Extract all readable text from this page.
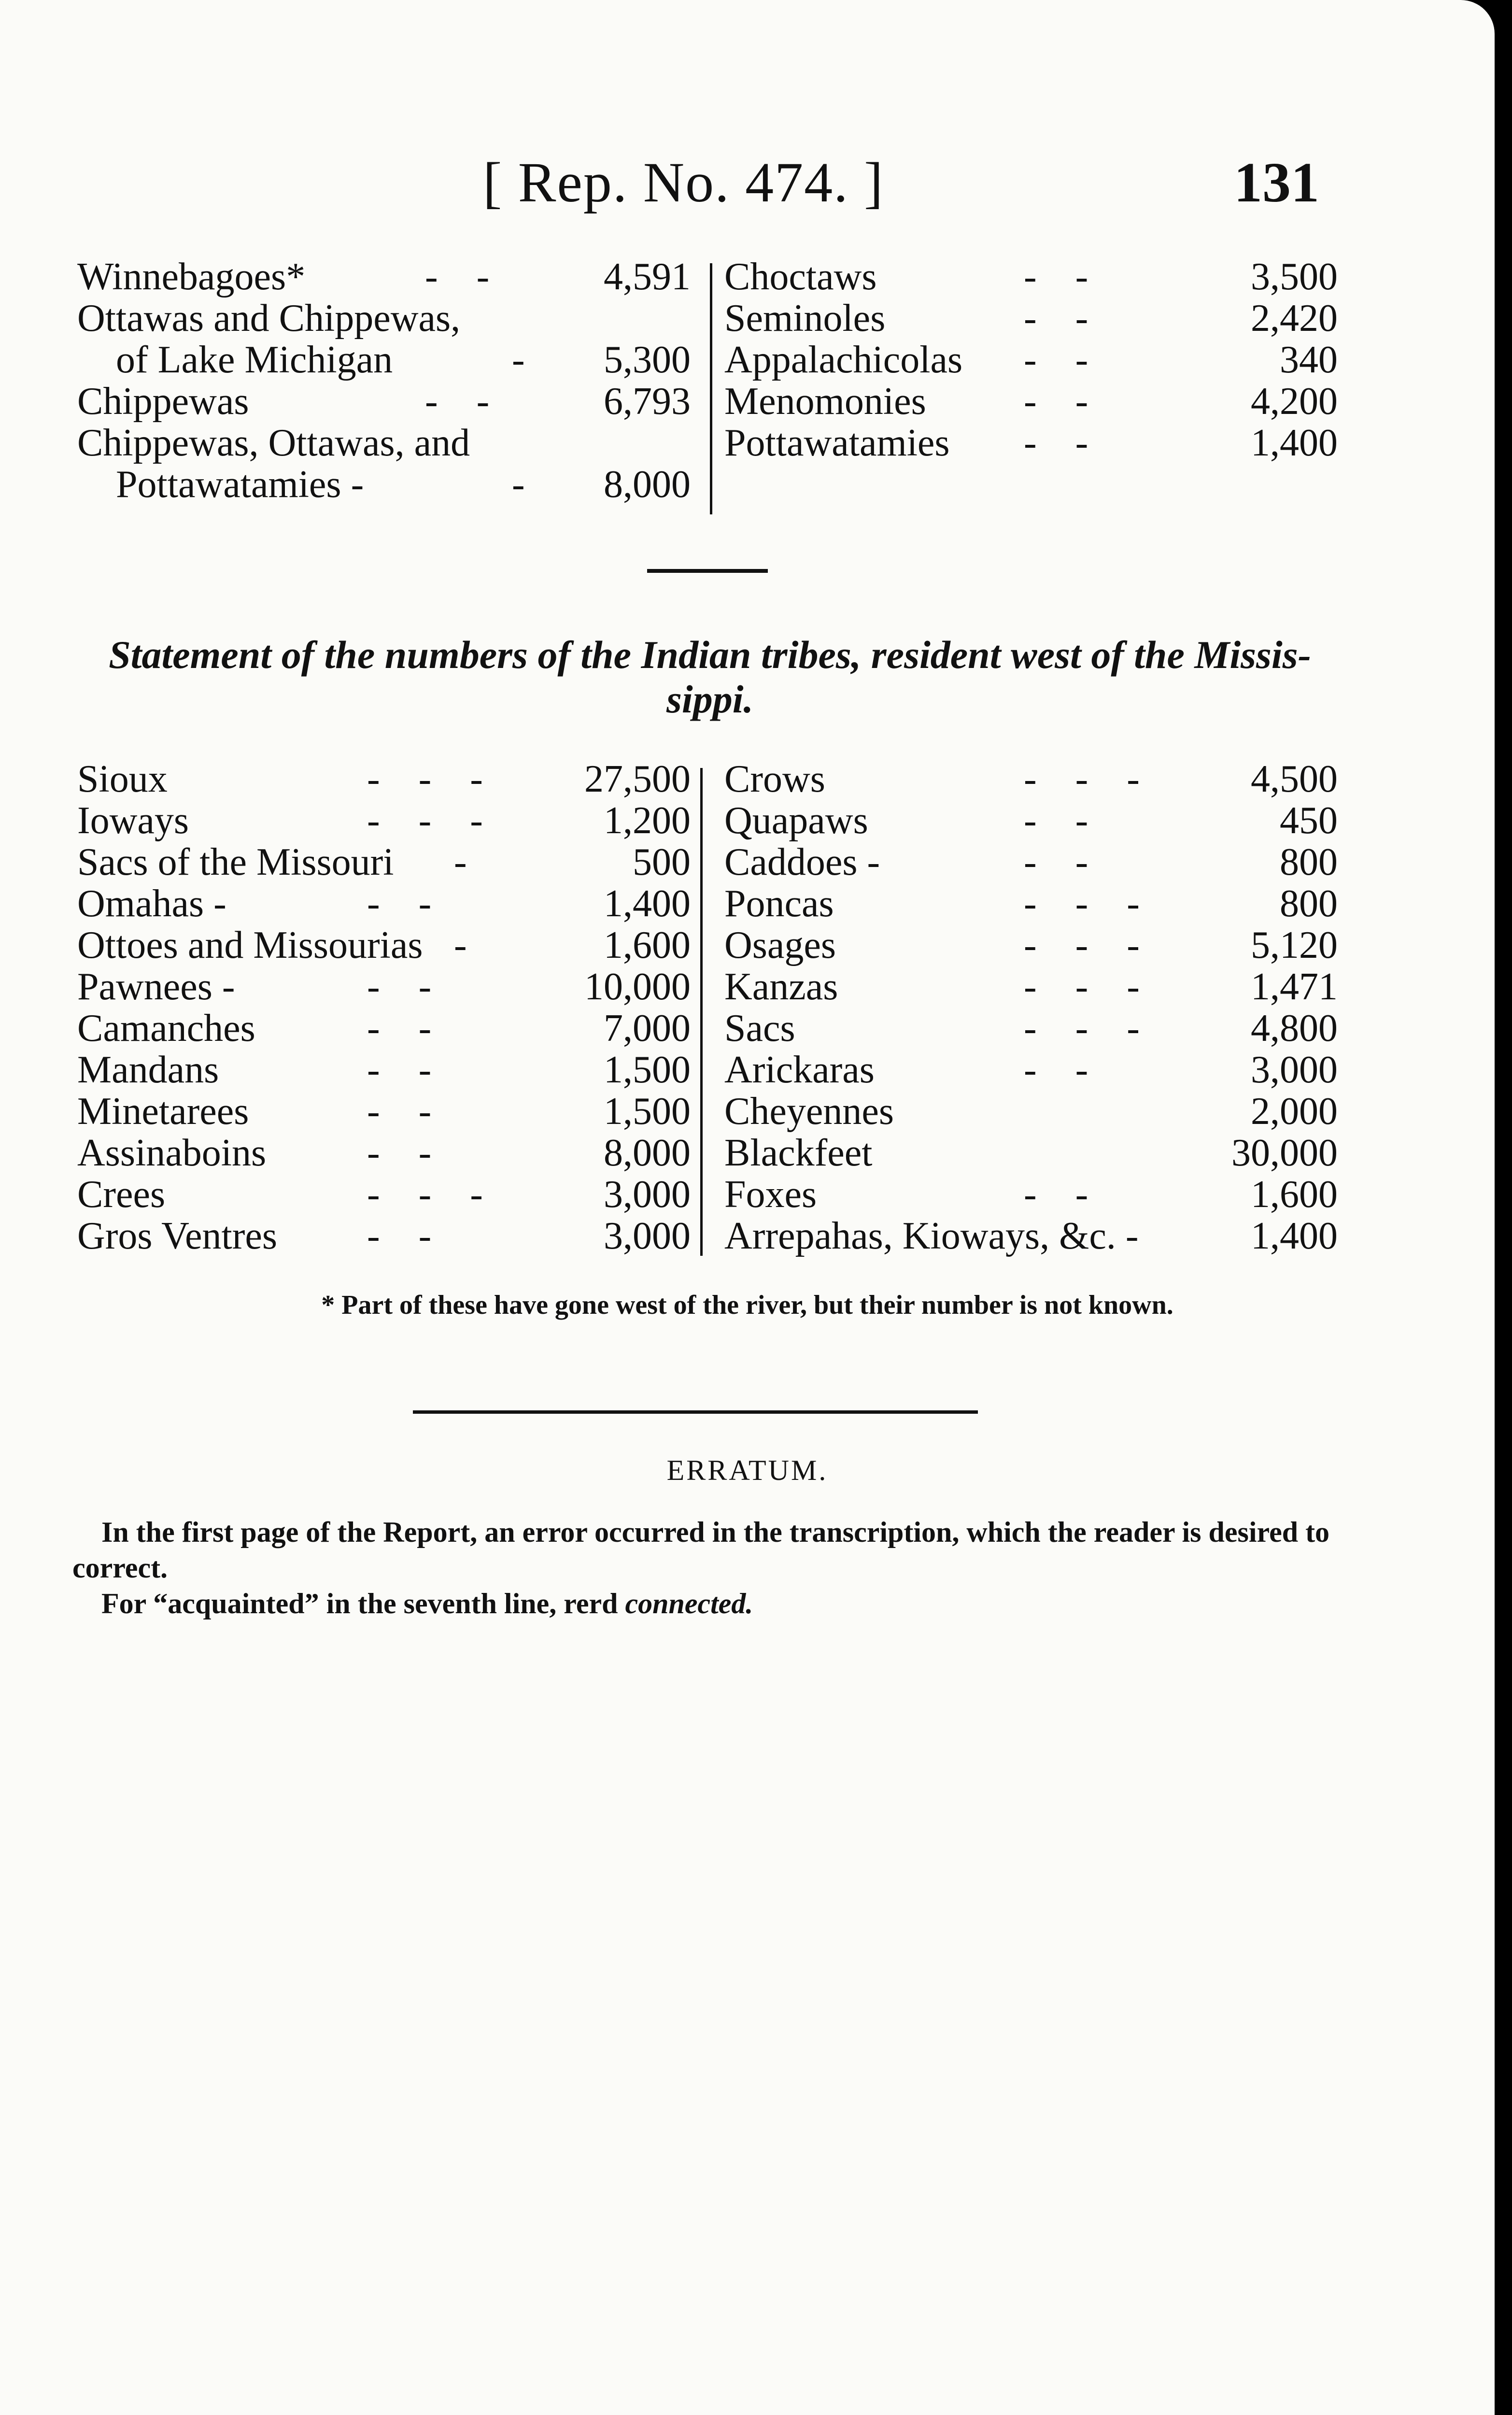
[ Rep. No. 474. ]	131
Winnebagoes*	-    -	4,591
Ottawas and Chippewas,
of Lake Michigan	- 5,300
Chippewas	-    -	6,793
Chippewas, Ottawas, and
Pottawatamies -	- 8,000
Choctaws	-    -	3,500
Seminoles	-    -	2,420
Appalachicolas -    -	340
Menomonies	-    -	4,200
Pottawatamies -    -	1,400
Statement of the numbers of the Indian tribes, resident west of the Missis- sippi.
Sioux	-    -    -	27,500
Ioways	-    -    -	1,200
Sacs of the Missouri -	500
Omahas -	-    -	1,400
Ottoes and Missourias -	1,600
Pawnees -	-    -	10,000
Camanches	-    -	7,000
Mandans	-    -	1,500
Minetarees	-    -	1,500
Assinaboins	-    -	8,000
Crees	-    -    -	3,000
Gros Ventres -    -	3,000
Crows	-    -    -	4,500
Quapaws	-    -	450
Caddoes -	-    -	800
Poncas	-    -    -	800
Osages	-    -    -	5,120
Kanzas	-    -    -	1,471
Sacs	-    -    -	4,800
Arickaras	-    -	3,000
Cheyennes	2,000
Blackfeet	30,000
Foxes	-    -	1,600
Arrepahas, Kioways, &c. -	1,400
* Part of these have gone west of the river, but their number is not known.
ERRATUM.

In the first page of the Report, an error occurred in the transcription, which the reader is desired to correct.

For “acquainted” in the seventh line, rerd connected.
